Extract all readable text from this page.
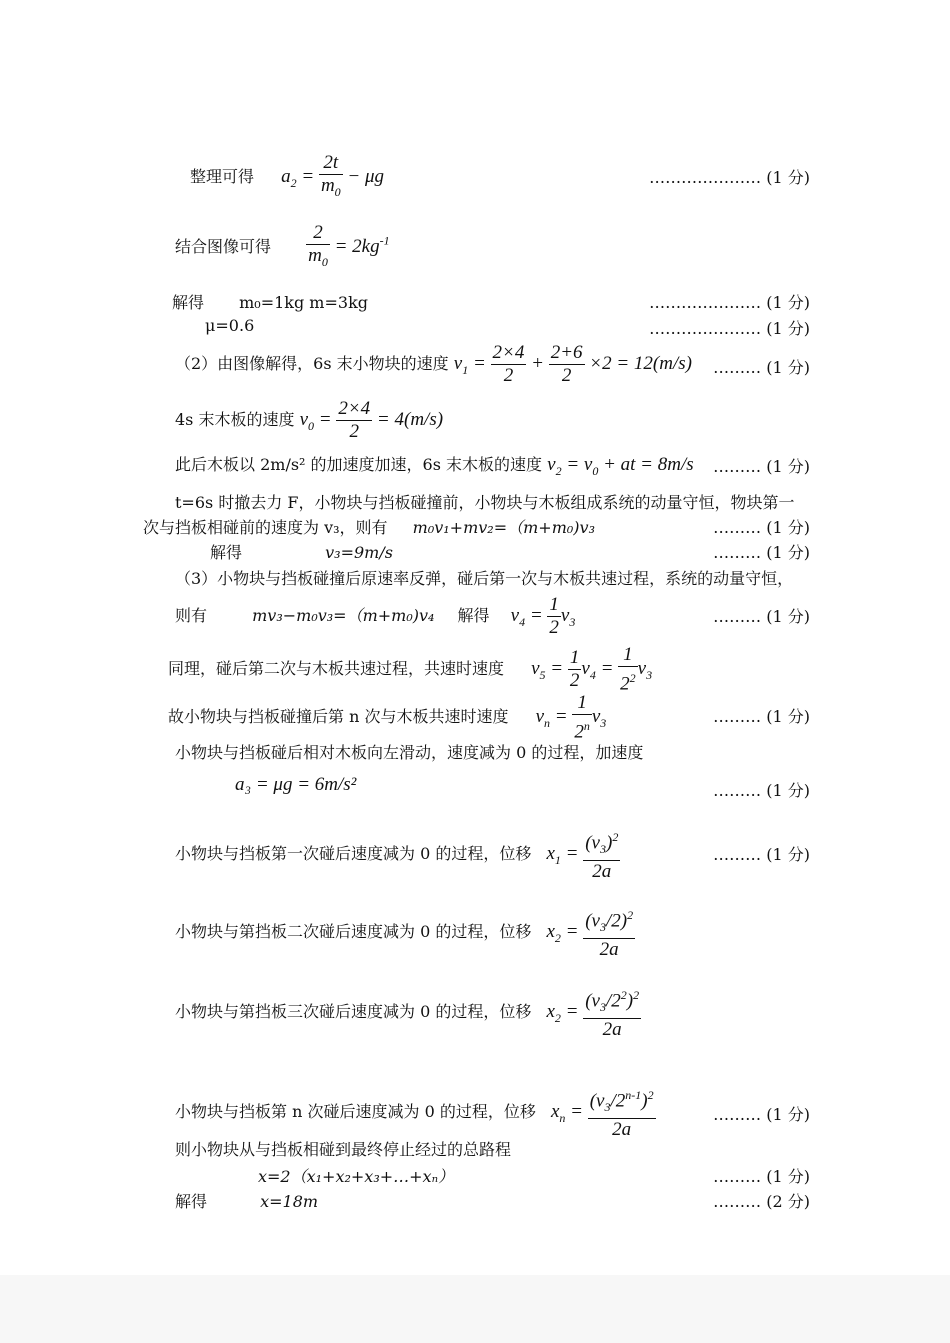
整理可得 $a_2 = \frac{2t}{m_0} - \mu g$	………………… (1 分)
结合图像可得 $\frac{2}{m_0} = 2kg^{-1}$
解得 m₀=1kg m=3kg	………………… (1 分)
μ=0.6	………………… (1 分)
（2）由图像解得，6s 末小物块的速度 $v_1 = \frac{2\times 4}{2} + \frac{2+6}{2} \times 2 = 12(m/s)$ ……… (1 分)
4s 末木板的速度 $v_0 = \frac{2\times 4}{2} = 4(m/s)$
此后木板以 2m/s² 的加速度加速，6s 末木板的速度 $v_2 = v_0$ + at = 8m/s ……… (1 分)
t=6s 时撤去力 F，小物块与挡板碰撞前，小物块与木板组成系统的动量守恒，物块第一
次与挡板相碰前的速度为 v₃，则有 m₀v₁+mv₂=（m+m₀)v₃	……… (1 分)
解得	v₃=9m/s	……… (1 分)
（3）小物块与挡板碰撞后原速率反弹，碰后第一次与木板共速过程，系统的动量守恒，
则有	mv₃−m₀v₃=（m+m₀)v₄ 解得 $v_4 = \frac{1}{2} v_3$	……… (1 分)
同理，碰后第二次与木板共速过程，共速时速度 $v_5 = \frac{1}{2} v_4 = \frac{1}{2^2} v_3$
故小物块与挡板碰撞后第 n 次与木板共速时速度 $v_n = \frac{1}{2^n} v_3$	……… (1 分)
小物块与挡板碰后相对木板向左滑动，速度减为 0 的过程，加速度
a₃ = μg = 6m/s²	……… (1 分)
小物块与挡板第一次碰后速度减为 0 的过程，位移 $x_1 = \frac{(v_3)^2}{2a}$	……… (1 分)
小物块与第挡板二次碰后速度减为 0 的过程，位移 $x_2 = \frac{(v_3/2)^2}{2a}$
小物块与第挡板三次碰后速度减为 0 的过程，位移 $x_2 = \frac{(v_3/2^2)^2}{2a}$
小物块与挡板第 n 次碰后速度减为 0 的过程，位移 $x_n = \frac{(v_3/2^{n-1})^2}{2a}$	……… (1 分)
则小物块从与挡板相碰到最终停止经过的总路程
x=2（x₁+x₂+x₃+…+xₙ）	……… (1 分)
解得	x=18m	……… (2 分)
